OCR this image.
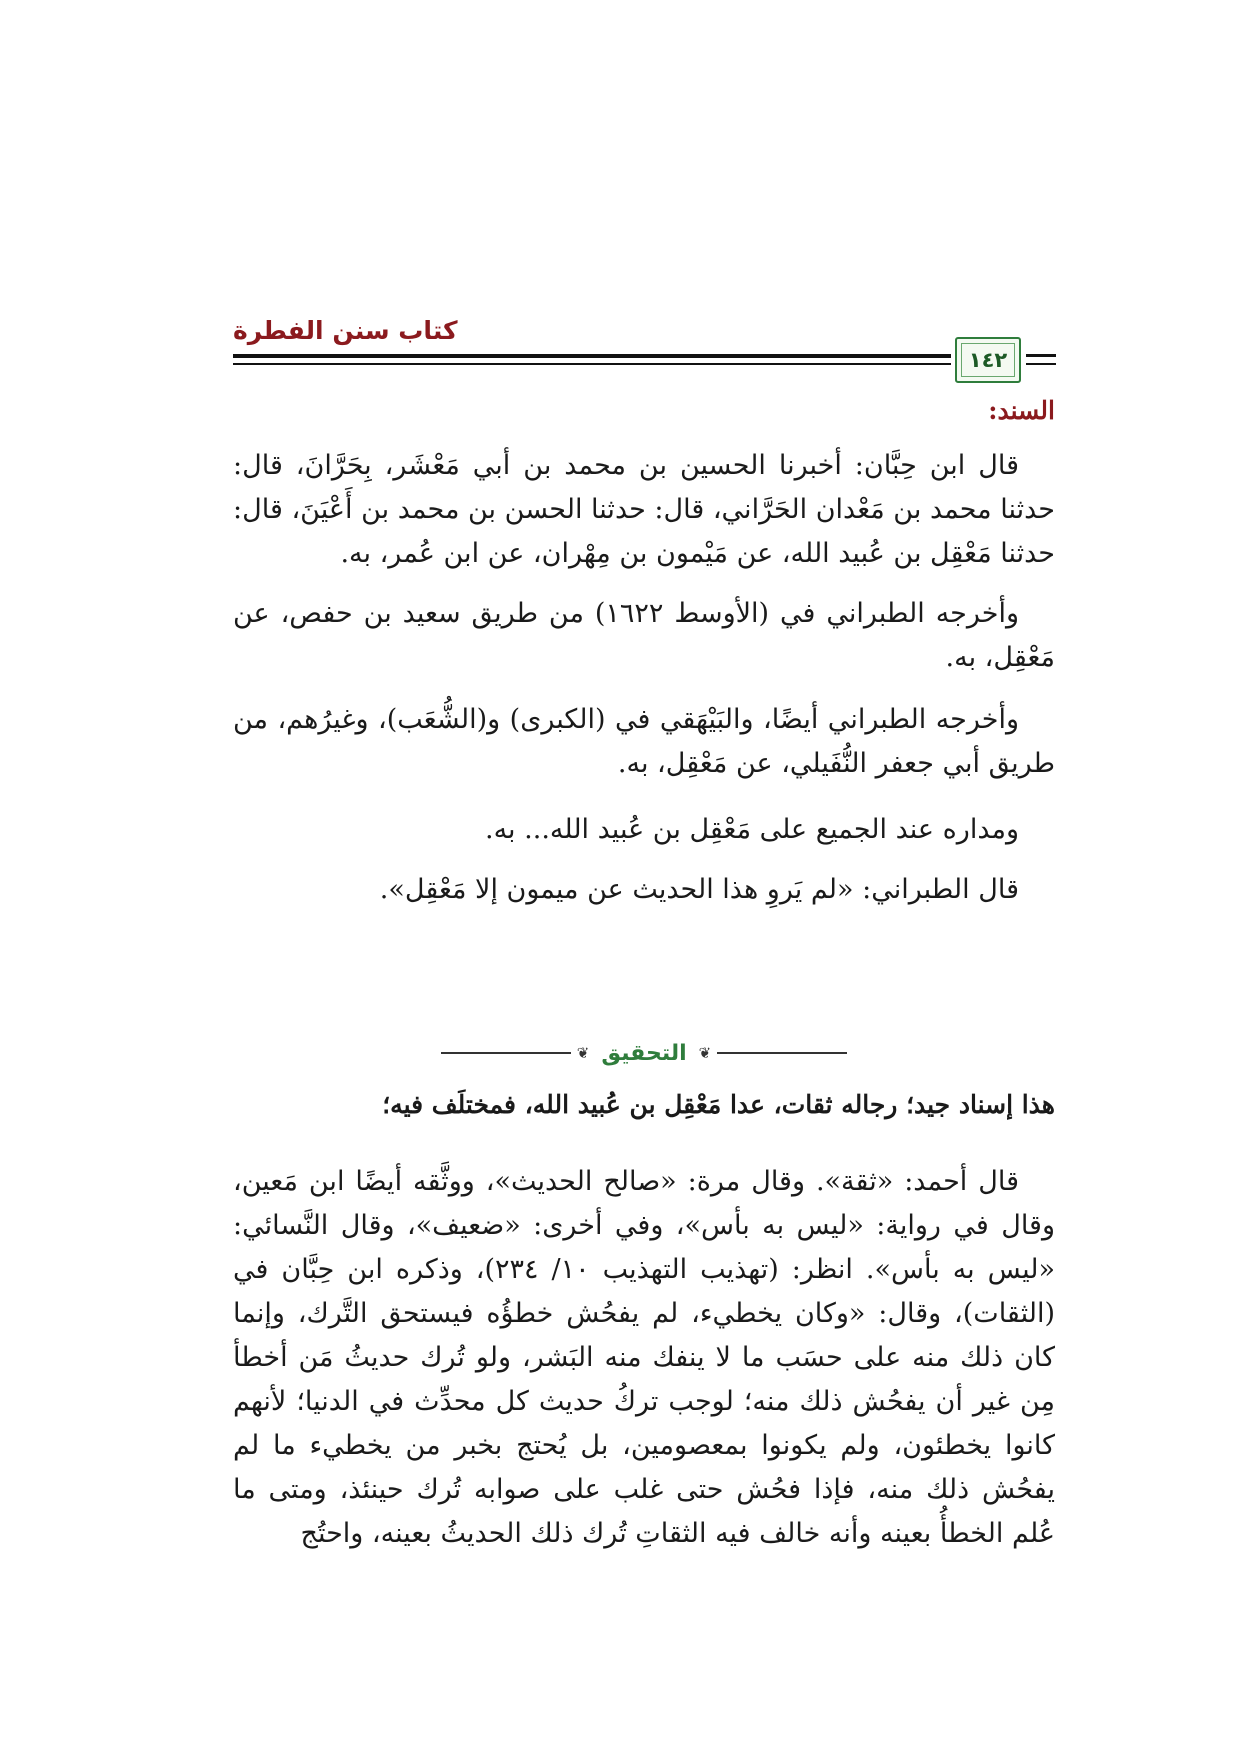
كتاب سنن الفطرة
١٤٢
السند:
قال ابن حِبَّان: أخبرنا الحسين بن محمد بن أبي مَعْشَر، بِحَرَّانَ، قال: حدثنا محمد بن مَعْدان الحَرَّاني، قال: حدثنا الحسن بن محمد بن أَعْيَنَ، قال: حدثنا مَعْقِل بن عُبيد الله، عن مَيْمون بن مِهْران، عن ابن عُمر، به.
وأخرجه الطبراني في (الأوسط ١٦٢٢) من طريق سعيد بن حفص، عن مَعْقِل، به.
وأخرجه الطبراني أيضًا، والبَيْهَقي في (الكبرى) و(الشُّعَب)، وغيرُهم، من طريق أبي جعفر النُّفَيلي، عن مَعْقِل، به.
ومداره عند الجميع على مَعْقِل بن عُبيد الله... به.
قال الطبراني: «لم يَروِ هذا الحديث عن ميمون إلا مَعْقِل».
❦
التحقيق
❦
هذا إسناد جيد؛ رجاله ثقات، عدا مَعْقِل بن عُبيد الله، فمختلَف فيه؛
قال أحمد: «ثقة». وقال مرة: «صالح الحديث»، ووثَّقه أيضًا ابن مَعين، وقال في رواية: «ليس به بأس»، وفي أخرى: «ضعيف»، وقال النَّسائي: «ليس به بأس». انظر: (تهذيب التهذيب ١٠/ ٢٣٤)، وذكره ابن حِبَّان في (الثقات)، وقال: «وكان يخطيء، لم يفحُش خطؤُه فيستحق التَّرك، وإنما كان ذلك منه على حسَب ما لا ينفك منه البَشر، ولو تُرك حديثُ مَن أخطأ مِن غير أن يفحُش ذلك منه؛ لوجب تركُ حديث كل محدِّث في الدنيا؛ لأنهم كانوا يخطئون، ولم يكونوا بمعصومين، بل يُحتج بخبر من يخطيء ما لم يفحُش ذلك منه، فإذا فحُش حتى غلب على صوابه تُرك حينئذ، ومتى ما عُلم الخطأُ بعينه وأنه خالف فيه الثقاتِ تُرك ذلك الحديثُ بعينه، واحتُج
